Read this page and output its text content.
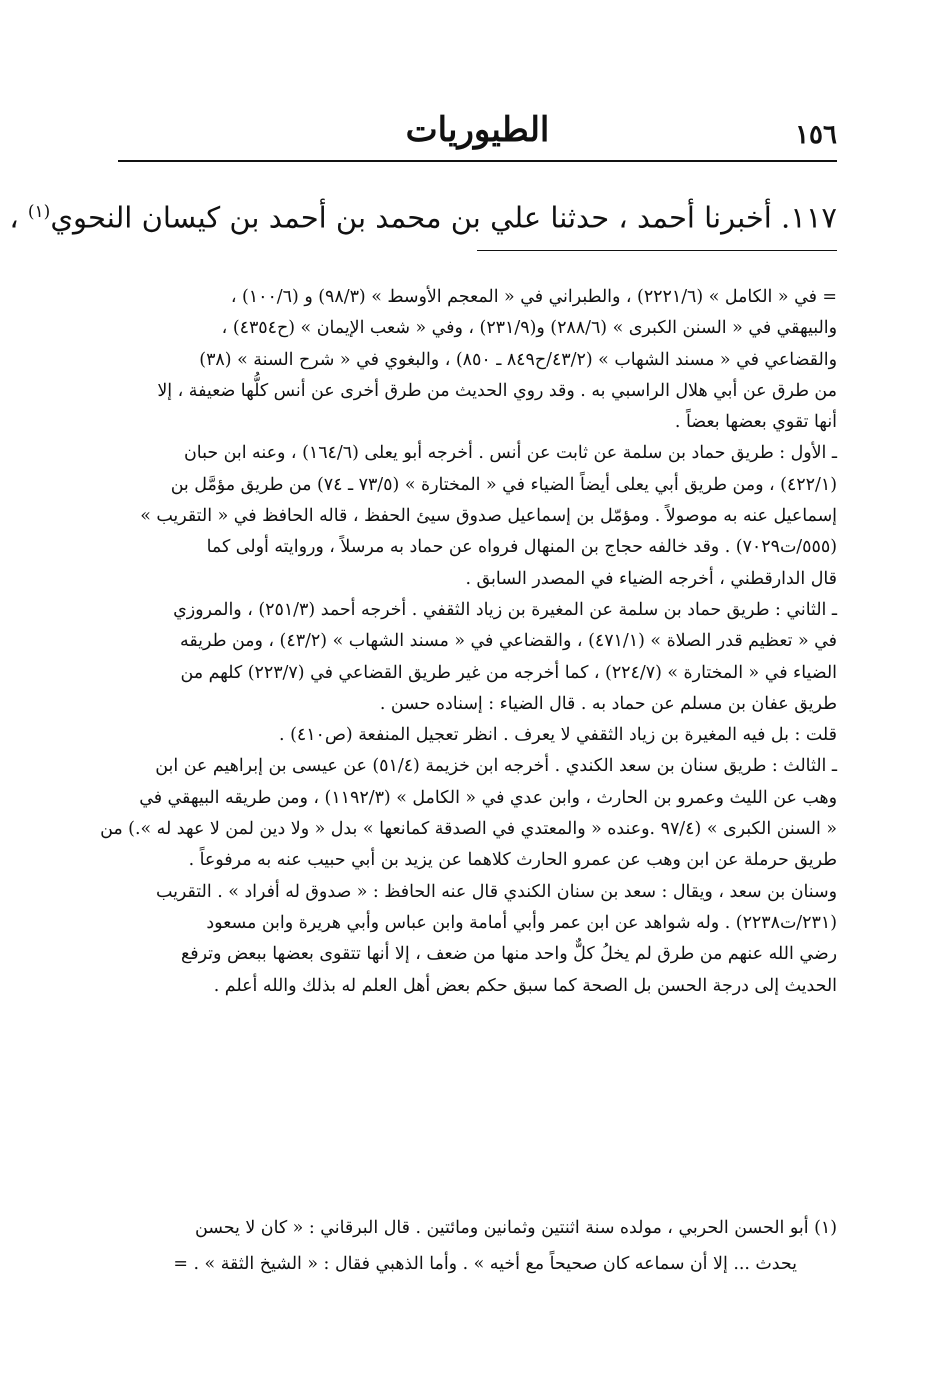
الطيوريات	١٥٦
١١٧. أخبرنا أحمد ، حدثنا علي بن محمد بن أحمد بن كيسان النحوي$^{(١)}$ ،
= في « الكامل » (٢٢٢١/٦) ، والطبراني في « المعجم الأوسط » (٩٨/٣) و (١٠٠/٦) ،
والبيهقي في « السنن الكبرى » (٢٨٨/٦) و(٢٣١/٩) ، وفي « شعب الإيمان » (ح٤٣٥٤) ،
والقضاعي في « مسند الشهاب » (٤٣/٢/ح٨٤٩ ـ ٨٥٠) ، والبغوي في « شرح السنة » (٣٨)
من طرق عن أبي هلال الراسبي به . وقد روي الحديث من طرق أخرى عن أنس كلُّها ضعيفة ، إلا
أنها تقوي بعضها بعضاً .
ـ الأول : طريق حماد بن سلمة عن ثابت عن أنس . أخرجه أبو يعلى (١٦٤/٦) ، وعنه ابن حبان
(٤٢٢/١) ، ومن طريق أبي يعلى أيضاً الضياء في « المختارة » (٧٣/٥ ـ ٧٤) من طريق مؤمَّل بن
إسماعيل عنه به موصولاً . ومؤمّل بن إسماعيل صدوق سيئ الحفظ ، قاله الحافظ في « التقريب »
(٥٥٥/ت٧٠٢٩) . وقد خالفه حجاج بن المنهال فرواه عن حماد به مرسلاً ، وروايته أولى كما
قال الدارقطني ، أخرجه الضياء في المصدر السابق .
ـ الثاني : طريق حماد بن سلمة عن المغيرة بن زياد الثقفي . أخرجه أحمد (٢٥١/٣) ، والمروزي
في « تعظيم قدر الصلاة » (٤٧١/١) ، والقضاعي في « مسند الشهاب » (٤٣/٢) ، ومن طريقه
الضياء في « المختارة » (٢٢٤/٧) ، كما أخرجه من غير طريق القضاعي في (٢٢٣/٧) كلهم من
طريق عفان بن مسلم عن حماد به . قال الضياء : إسناده حسن .
قلت : بل فيه المغيرة بن زياد الثقفي لا يعرف . انظر تعجيل المنفعة (ص٤١٠) .
ـ الثالث : طريق سنان بن سعد الكندي . أخرجه ابن خزيمة (٥١/٤) عن عيسى بن إبراهيم عن ابن
وهب عن الليث وعمرو بن الحارث ، وابن عدي في « الكامل » (١١٩٢/٣) ، ومن طريقه البيهقي في
« السنن الكبرى » (٩٧/٤ .وعنده « والمعتدي في الصدقة كمانعها » بدل « ولا دين لمن لا عهد له ».) من
طريق حرملة عن ابن وهب عن عمرو الحارث كلاهما عن يزيد بن أبي حبيب عنه به مرفوعاً .
وسنان بن سعد ، ويقال : سعد بن سنان الكندي قال عنه الحافظ : « صدوق له أفراد » . التقريب
(٢٣١/ت٢٢٣٨) . وله شواهد عن ابن عمر وأبي أمامة وابن عباس وأبي هريرة وابن مسعود
رضي الله عنهم من طرق لم يخلُ كلٌّ واحد منها من ضعف ، إلا أنها تتقوى بعضها ببعض وترفع
الحديث إلى درجة الحسن بل الصحة كما سبق حكم بعض أهل العلم له بذلك والله أعلم .
(١) أبو الحسن الحربي ، مولده سنة اثنتين وثمانين ومائتين . قال البرقاني : « كان لا يحسن
يحدث ... إلا أن سماعه كان صحيحاً مع أخيه » . وأما الذهبي فقال : « الشيخ الثقة » . =
